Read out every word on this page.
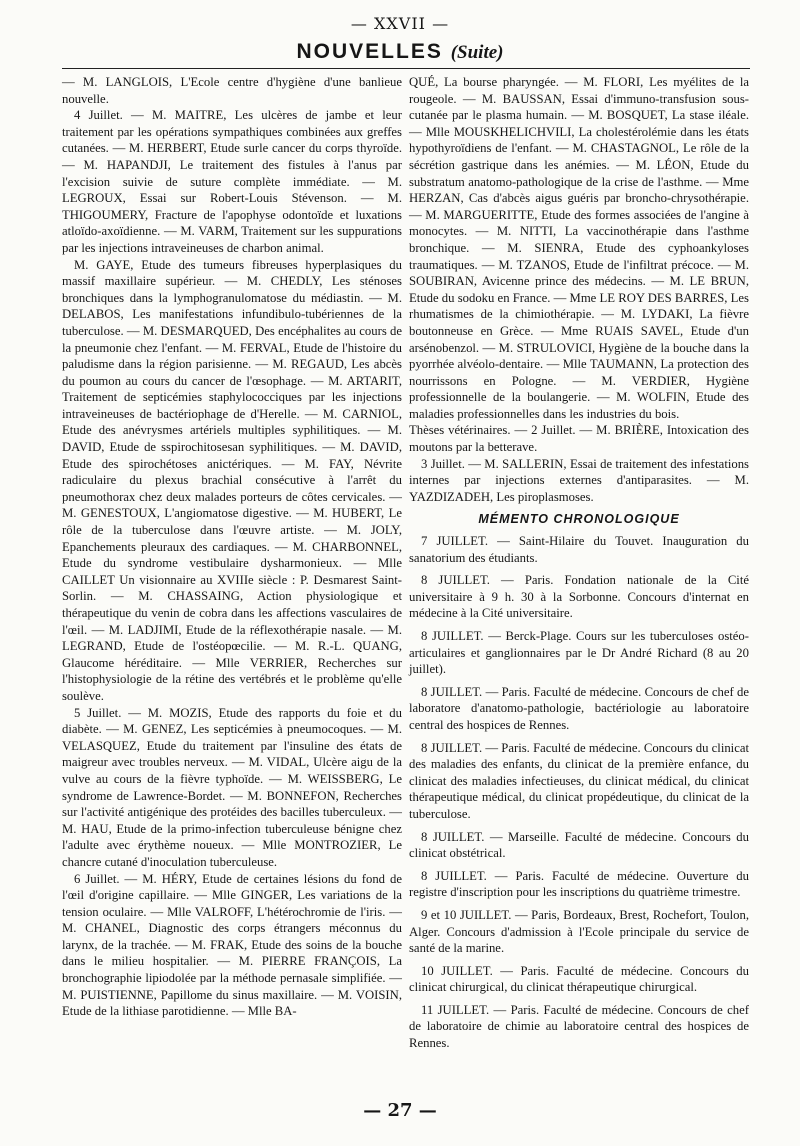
— XXVII —
NOUVELLES (Suite)

— M. LANGLOIS, L'Ecole centre d'hygiène d'une banlieue nouvelle.

4 Juillet. — M. MAITRE, Les ulcères de jambe et leur traitement par les opérations sympathiques combinées aux greffes cutanées. — M. HERBERT, Etude surle cancer du corps thyroïde. — M. HAPANDJI, Le traitement des fistules à l'anus par l'excision suivie de suture complète immédiate. — M. LEGROUX, Essai sur Robert-Louis Stévenson. — M. THIGOUMERY, Fracture de l'apophyse odontoïde et luxations atloïdo-axoïdienne. — M. VARM, Traitement sur les suppurations par les injections intraveineuses de charbon animal.

M. GAYE, Etude des tumeurs fibreuses hyperplasiques du massif maxillaire supérieur. — M. CHEDLY, Les sténoses bronchiques dans la lymphogranulomatose du médiastin. — M. DELABOS, Les manifestations infundibulo-tubériennes de la tuberculose. — M. DESMARQUED, Des encéphalites au cours de la pneumonie chez l'enfant. — M. FERVAL, Etude de l'histoire du paludisme dans la région parisienne. — M. REGAUD, Les abcès du poumon au cours du cancer de l'œsophage. — M. ARTARIT, Traitement de septicémies staphylococciques par les injections intraveineuses de bactériophage de d'Herelle. — M. CARNIOL, Etude des anévrysmes artériels multiples syphilitiques. — M. DAVID, Etude de sspirochitosesan syphilitiques. — M. DAVID, Etude des spirochétoses anictériques. — M. FAY, Névrite radiculaire du plexus brachial consécutive à l'arrêt du pneumothorax chez deux malades porteurs de côtes cervicales. — M. GENESTOUX, L'angiomatose digestive. — M. HUBERT, Le rôle de la tuberculose dans l'œuvre artiste. — M. JOLY, Epanchements pleuraux des cardiaques. — M. CHARBONNEL, Etude du syndrome vestibulaire dysharmonieux. — Mlle CAILLET Un visionnaire au XVIIIe siècle : P. Desmarest Saint-Sorlin. — M. CHASSAING, Action physiologique et thérapeutique du venin de cobra dans les affections vasculaires de l'œil. — M. LADJIMI, Etude de la réflexothérapie nasale. — M. LEGRAND, Etude de l'ostéopœcilie. — M. R.-L. QUANG, Glaucome héréditaire. — Mlle VERRIER, Recherches sur l'histophysiologie de la rétine des vertébrés et le problème qu'elle soulève.

5 Juillet. — M. MOZIS, Etude des rapports du foie et du diabète. — M. GENEZ, Les septicémies à pneumocoques. — M. VELASQUEZ, Etude du traitement par l'insuline des états de maigreur avec troubles nerveux. — M. VIDAL, Ulcère aigu de la vulve au cours de la fièvre typhoïde. — M. WEISSBERG, Le syndrome de Lawrence-Bordet. — M. BONNEFON, Recherches sur l'activité antigénique des protéides des bacilles tuberculeux. — M. HAU, Etude de la primo-infection tuberculeuse bénigne chez l'adulte avec érythème noueux. — Mlle MONTROZIER, Le chancre cutané d'inoculation tuberculeuse.

6 Juillet. — M. HÉRY, Etude de certaines lésions du fond de l'œil d'origine capillaire. — Mlle GINGER, Les variations de la tension oculaire. — Mlle VALROFF, L'hétérochromie de l'iris. — M. CHANEL, Diagnostic des corps étrangers méconnus du larynx, de la trachée. — M. FRAK, Etude des soins de la bouche dans le milieu hospitalier. — M. PIERRE FRANÇOIS, La bronchographie lipiodolée par la méthode pernasale simplifiée. — M. PUISTIENNE, Papillome du sinus maxillaire. — M. VOISIN, Etude de la lithiase parotidienne. — Mlle BA-

QUÉ, La bourse pharyngée. — M. FLORI, Les myélites de la rougeole. — M. BAUSSAN, Essai d'immuno-transfusion sous-cutanée par le plasma humain. — M. BOSQUET, La stase iléale. — Mlle MOUSKHELICHVILI, La cholestérolémie dans les états hypothyroïdiens de l'enfant. — M. CHASTAGNOL, Le rôle de la sécrétion gastrique dans les anémies. — M. LÉON, Etude du substratum anatomo-pathologique de la crise de l'asthme. — Mme HERZAN, Cas d'abcès aigus guéris par broncho-chrysothérapie. — M. MARGUERITTE, Etude des formes associées de l'angine à monocytes. — M. NITTI, La vaccinothérapie dans l'asthme bronchique. — M. SIENRA, Etude des cyphoankyloses traumatiques. — M. TZANOS, Etude de l'infiltrat précoce. — M. SOUBIRAN, Avicenne prince des médecins. — M. LE BRUN, Etude du sodoku en France. — Mme LE ROY DES BARRES, Les rhumatismes de la chimiothérapie. — M. LYDAKI, La fièvre boutonneuse en Grèce. — Mme RUAIS SAVEL, Etude d'un arsénobenzol. — M. STRULOVICI, Hygiène de la bouche dans la pyorrhée alvéolo-dentaire. — Mlle TAUMANN, La protection des nourrissons en Pologne. — M. VERDIER, Hygiène professionnelle de la boulangerie. — M. WOLFIN, Etude des maladies professionnelles dans les industries du bois.

Thèses vétérinaires. — 2 Juillet. — M. BRIÈRE, Intoxication des moutons par la betterave.

3 Juillet. — M. SALLERIN, Essai de traitement des infestations internes par injections externes d'antiparasites. — M. YAZDIZADEH, Les piroplasmoses.

MÉMENTO CHRONOLOGIQUE

7 JUILLET. — Saint-Hilaire du Touvet. Inauguration du sanatorium des étudiants.

8 JUILLET. — Paris. Fondation nationale de la Cité universitaire à 9 h. 30 à la Sorbonne. Concours d'internat en médecine à la Cité universitaire.

8 JUILLET. — Berck-Plage. Cours sur les tuberculoses ostéo-articulaires et ganglionnaires par le Dr André Richard (8 au 20 juillet).

8 JUILLET. — Paris. Faculté de médecine. Concours de chef de laboratore d'anatomo-pathologie, bactériologie au laboratoire central des hospices de Rennes.

8 JUILLET. — Paris. Faculté de médecine. Concours du clinicat des maladies des enfants, du clinicat de la première enfance, du clinicat des maladies infectieuses, du clinicat médical, du clinicat thérapeutique médical, du clinicat propédeutique, du clinicat de la tuberculose.

8 JUILLET. — Marseille. Faculté de médecine. Concours du clinicat obstétrical.

8 JUILLET. — Paris. Faculté de médecine. Ouverture du registre d'inscription pour les inscriptions du quatrième trimestre.

9 et 10 JUILLET. — Paris, Bordeaux, Brest, Rochefort, Toulon, Alger. Concours d'admission à l'Ecole principale du service de santé de la marine.

10 JUILLET. — Paris. Faculté de médecine. Concours du clinicat chirurgical, du clinicat thérapeutique chirurgical.

11 JUILLET. — Paris. Faculté de médecine. Concours de chef de laboratoire de chimie au laboratoire central des hospices de Rennes.

— 27 —
